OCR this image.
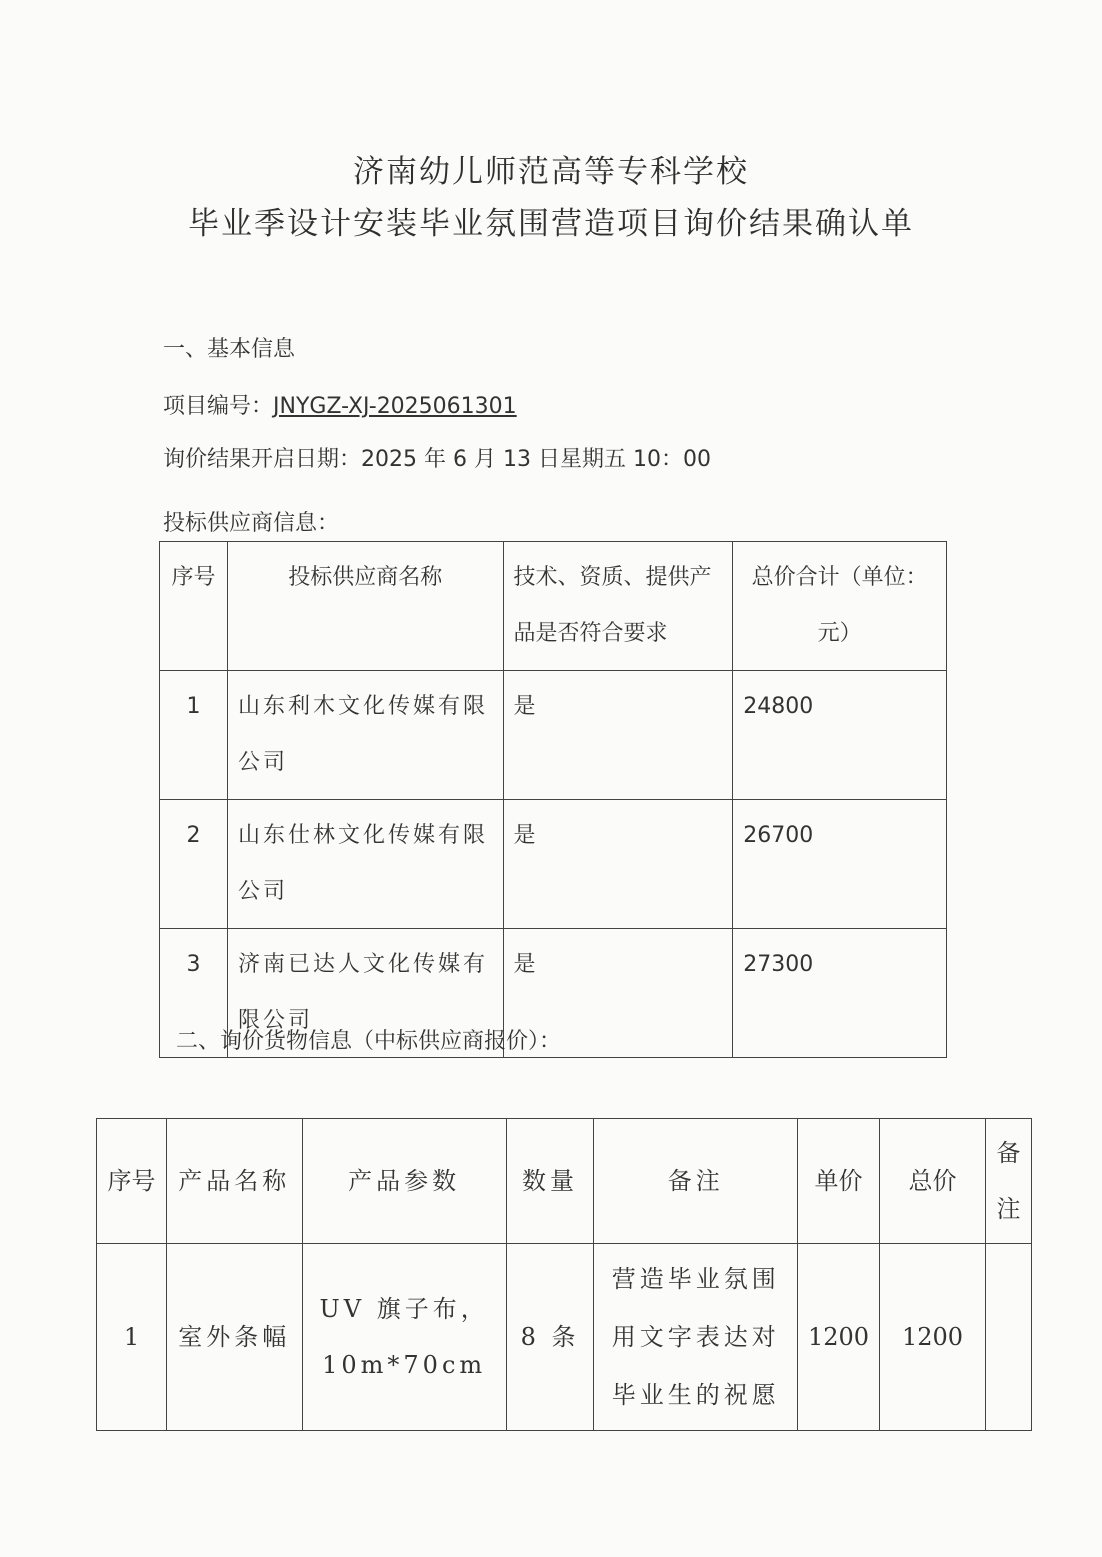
济南幼儿师范高等专科学校
毕业季设计安装毕业氛围营造项目询价结果确认单
一、基本信息
项目编号：JNYGZ-XJ-2025061301
询价结果开启日期：2025 年 6 月 13 日星期五 10：00
投标供应商信息：
序号	投标供应商名称	技术、资质、提供产品是否符合要求	总价合计（单位：元）
1	山东利木文化传媒有限公司	是	24800
2	山东仕林文化传媒有限公司	是	26700
3	济南已达人文化传媒有限公司	是	27300
二、询价货物信息（中标供应商报价）：
序号	产品名称	产品参数	数量	备注	单价	总价	备注
1	室外条幅	UV 旗子布，10m*70cm	8 条	营造毕业氛围用文字表达对毕业生的祝愿	1200	1200	
